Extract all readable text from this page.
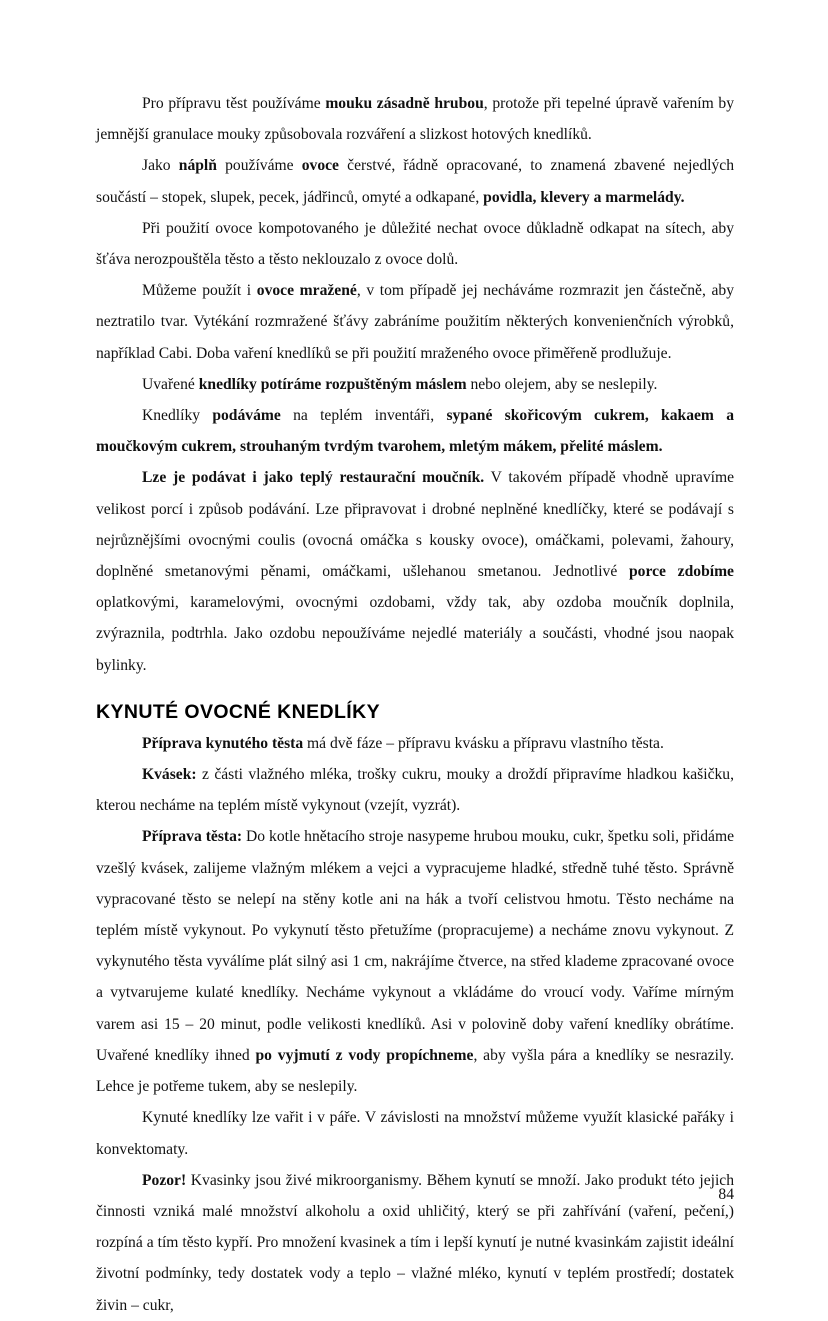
Pro přípravu těst používáme mouku zásadně hrubou, protože při tepelné úpravě vařením by jemnější granulace mouky způsobovala rozváření a slizkost hotových knedlíků.

Jako náplň používáme ovoce čerstvé, řádně opracované, to znamená zbavené nejedlých součástí – stopek, slupek, pecek, jádřinců, omyté a odkapané, povidla, klevery a marmelády.

Při použití ovoce kompotovaného je důležité nechat ovoce důkladně odkapat na sítech, aby šťáva nerozpouštěla těsto a těsto neklouzalo z ovoce dolů.

Můžeme použít i ovoce mražené, v tom případě jej necháváme rozmrazit jen částečně, aby neztratilo tvar. Vytékání rozmražené šťávy zabráníme použitím některých konvenienčních výrobků, například Cabi. Doba vaření knedlíků se při použití mraženého ovoce přiměřeně prodlužuje.

Uvařené knedlíky potíráme rozpuštěným máslem nebo olejem, aby se neslepily.

Knedlíky podáváme na teplém inventáři, sypané skořicovým cukrem, kakaem a moučkovým cukrem, strouhaným tvrdým tvarohem, mletým mákem, přelité máslem.

Lze je podávat i jako teplý restaurační moučník. V takovém případě vhodně upravíme velikost porcí i způsob podávání. Lze připravovat i drobné neplněné knedlíčky, které se podávají s nejrůznějšími ovocnými coulis (ovocná omáčka s kousky ovoce), omáčkami, polevami, žahoury, doplněné smetanovými pěnami, omáčkami, ušlehanou smetanou. Jednotlivé porce zdobíme oplatkovými, karamelovými, ovocnými ozdobami, vždy tak, aby ozdoba moučník doplnila, zvýraznila, podtrhla. Jako ozdobu nepoužíváme nejedlé materiály a součásti, vhodné jsou naopak bylinky.

KYNUTÉ OVOCNÉ KNEDLÍKY

Příprava kynutého těsta má dvě fáze – přípravu kvásku a přípravu vlastního těsta.

Kvásek: z části vlažného mléka, trošky cukru, mouky a droždí připravíme hladkou kašičku, kterou necháme na teplém místě vykynout (vzejít, vyzrát).

Příprava těsta: Do kotle hnětacího stroje nasypeme hrubou mouku, cukr, špetku soli, přidáme vzešlý kvásek, zalijeme vlažným mlékem a vejci a vypracujeme hladké, středně tuhé těsto. Správně vypracované těsto se nelepí na stěny kotle ani na hák a tvoří celistvou hmotu. Těsto necháme na teplém místě vykynout. Po vykynutí těsto přetužíme (propracujeme) a necháme znovu vykynout. Z vykynutého těsta vyválíme plát silný asi 1 cm, nakrájíme čtverce, na střed klademe zpracované ovoce a vytvarujeme kulaté knedlíky. Necháme vykynout a vkládáme do vroucí vody. Vaříme mírným varem asi 15 – 20 minut, podle velikosti knedlíků. Asi v polovině doby vaření knedlíky obrátíme. Uvařené knedlíky ihned po vyjmutí z vody propíchneme, aby vyšla pára a knedlíky se nesrazily. Lehce je potřeme tukem, aby se neslepily.

Kynuté knedlíky lze vařit i v páře. V závislosti na množství můžeme využít klasické pařáky i konvektomaty.

Pozor! Kvasinky jsou živé mikroorganismy. Během kynutí se množí. Jako produkt této jejich činnosti vzniká malé množství alkoholu a oxid uhličitý, který se při zahřívání (vaření, pečení,) rozpíná a tím těsto kypří. Pro množení kvasinek a tím i lepší kynutí je nutné kvasinkám zajistit ideální životní podmínky, tedy dostatek vody a teplo – vlažné mléko, kynutí v teplém prostředí; dostatek živin – cukr,

84
